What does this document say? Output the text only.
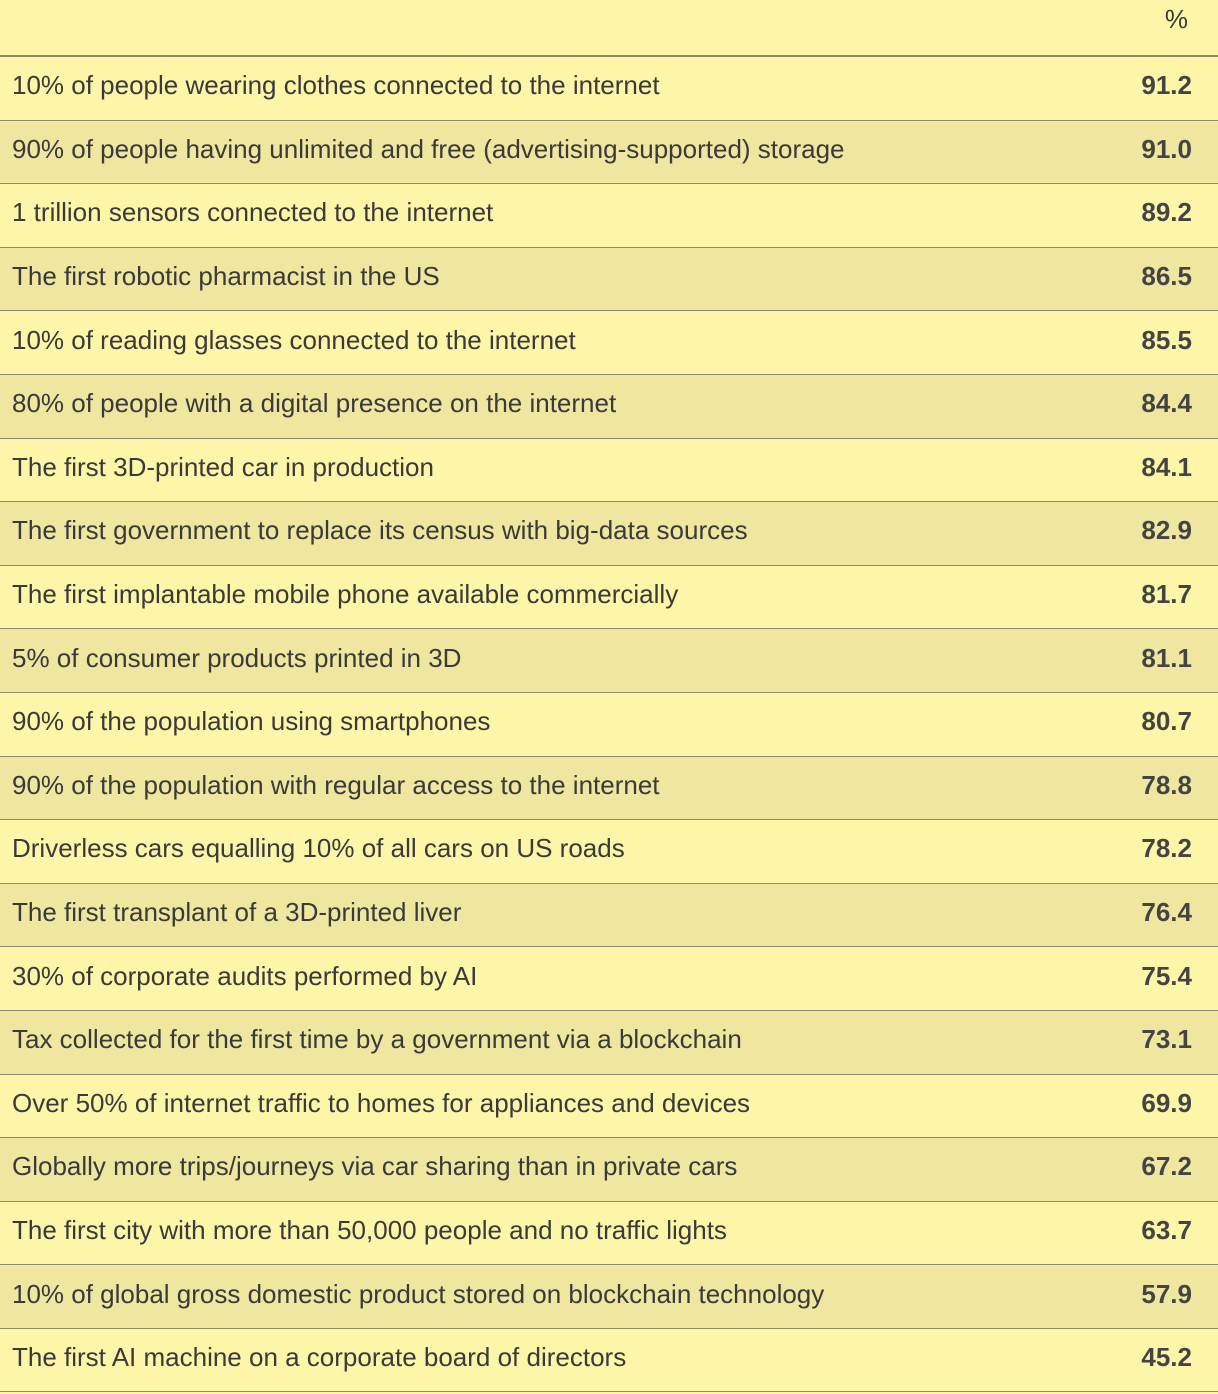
%
10% of people wearing clothes connected to the internet	91.2
90% of people having unlimited and free (advertising-supported) storage	91.0
1 trillion sensors connected to the internet	89.2
The first robotic pharmacist in the US	86.5
10% of reading glasses connected to the internet	85.5
80% of people with a digital presence on the internet	84.4
The first 3D-printed car in production	84.1
The first government to replace its census with big-data sources	82.9
The first implantable mobile phone available commercially	81.7
5% of consumer products printed in 3D	81.1
90% of the population using smartphones	80.7
90% of the population with regular access to the internet	78.8
Driverless cars equalling 10% of all cars on US roads	78.2
The first transplant of a 3D-printed liver	76.4
30% of corporate audits performed by AI	75.4
Tax collected for the first time by a government via a blockchain	73.1
Over 50% of internet traffic to homes for appliances and devices	69.9
Globally more trips/journeys via car sharing than in private cars	67.2
The first city with more than 50,000 people and no traffic lights	63.7
10% of global gross domestic product stored on blockchain technology	57.9
The first AI machine on a corporate board of directors	45.2
